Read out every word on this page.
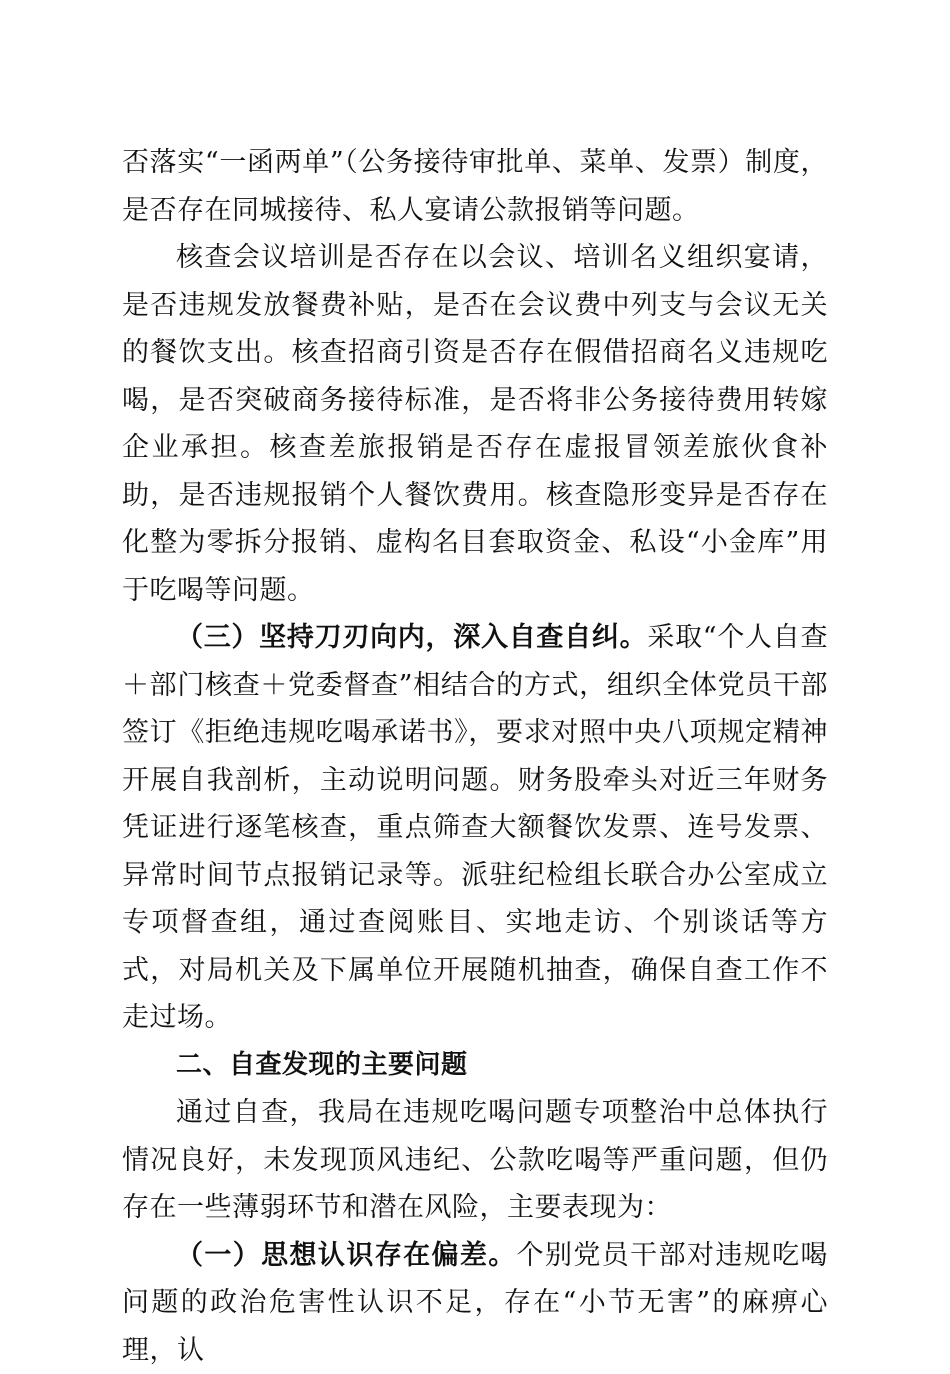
否落实“一函两单”（公务接待审批单、菜单、发票）制度，是否存在同城接待、私人宴请公款报销等问题。

核查会议培训是否存在以会议、培训名义组织宴请，是否违规发放餐费补贴，是否在会议费中列支与会议无关的餐饮支出。核查招商引资是否存在假借招商名义违规吃喝，是否突破商务接待标准，是否将非公务接待费用转嫁企业承担。核查差旅报销是否存在虚报冒领差旅伙食补助，是否违规报销个人餐饮费用。核查隐形变异是否存在化整为零拆分报销、虚构名目套取资金、私设“小金库”用于吃喝等问题。

（三）坚持刀刃向内，深入自查自纠。采取“个人自查＋部门核查＋党委督查”相结合的方式，组织全体党员干部签订《拒绝违规吃喝承诺书》，要求对照中央八项规定精神开展自我剖析，主动说明问题。财务股牵头对近三年财务凭证进行逐笔核查，重点筛查大额餐饮发票、连号发票、异常时间节点报销记录等。派驻纪检组长联合办公室成立专项督查组，通过查阅账目、实地走访、个别谈话等方式，对局机关及下属单位开展随机抽查，确保自查工作不走过场。

二、自查发现的主要问题

通过自查，我局在违规吃喝问题专项整治中总体执行情况良好，未发现顶风违纪、公款吃喝等严重问题，但仍存在一些薄弱环节和潜在风险，主要表现为：

（一）思想认识存在偏差。个别党员干部对违规吃喝问题的政治危害性认识不足，存在“小节无害”的麻痹心理，认
